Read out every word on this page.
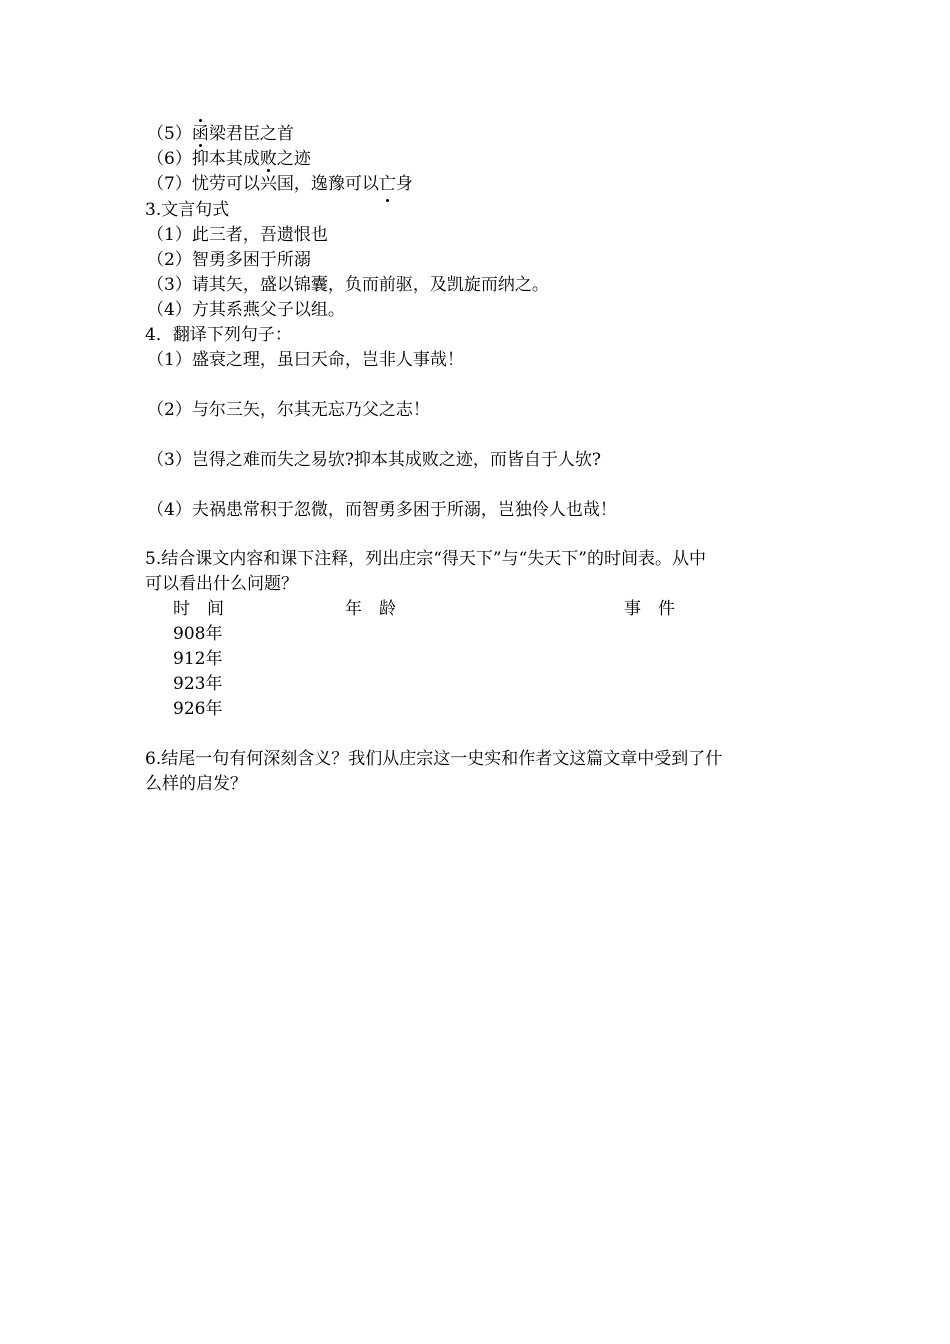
（5）函梁君臣之首
（6）抑本其成败之迹
（7）忧劳可以兴国，逸豫可以亡身
3.文言句式
（1）此三者，吾遗恨也
（2）智勇多困于所溺
（3）请其矢，盛以锦囊，负而前驱，及凯旋而纳之。
（4）方其系燕父子以组。
4．翻译下列句子：
（1）盛衰之理，虽曰天命，岂非人事哉！
（2）与尔三矢，尔其无忘乃父之志！
（3）岂得之难而失之易欤?抑本其成败之迹，而皆自于人欤?
（4）夫祸患常积于忽微，而智勇多困于所溺，岂独伶人也哉！
5.结合课文内容和课下注释，列出庄宗“得天下”与“失天下”的时间表。从中
可以看出什么问题？
时　间	年　龄	事　件
908年
912年
923年
926年
6.结尾一句有何深刻含义？我们从庄宗这一史实和作者文这篇文章中受到了什
么样的启发？
